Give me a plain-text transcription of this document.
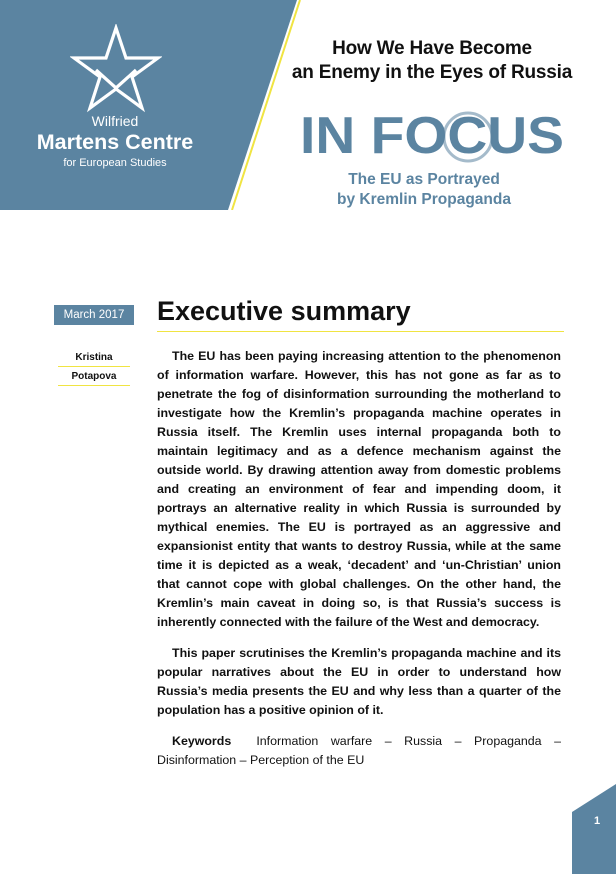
Wilfried
Martens Centre
for European Studies
How We Have Become
an Enemy in the Eyes of Russia
IN FOCUS
The EU as Portrayed
by Kremlin Propaganda
March 2017	Executive summary
Kristina
Potapova

The EU has been paying increasing attention to the phenomenon of information warfare. However, this has not gone as far as to penetrate the fog of disinformation surrounding the motherland to investigate how the Kremlin’s propaganda machine operates in Russia itself. The Kremlin uses internal propaganda both to maintain legitimacy and as a defence mechanism against the outside world. By drawing attention away from domestic problems and creating an environment of fear and impending doom, it portrays an alternative reality in which Russia is surrounded by mythical enemies. The EU is portrayed as an aggressive and expansionist entity that wants to destroy Russia, while at the same time it is depicted as a weak, ‘decadent’ and ‘un-Christian’ union that cannot cope with global challenges. On the other hand, the Kremlin’s main caveat in doing so, is that Russia’s success is inherently connected with the failure of the West and democracy.

This paper scrutinises the Kremlin’s propaganda machine and its popular narratives about the EU in order to understand how Russia’s media presents the EU and why less than a quarter of the population has a positive opinion of it.

Keywords Information warfare – Russia – Propaganda – Disinformation – Perception of the EU

1
